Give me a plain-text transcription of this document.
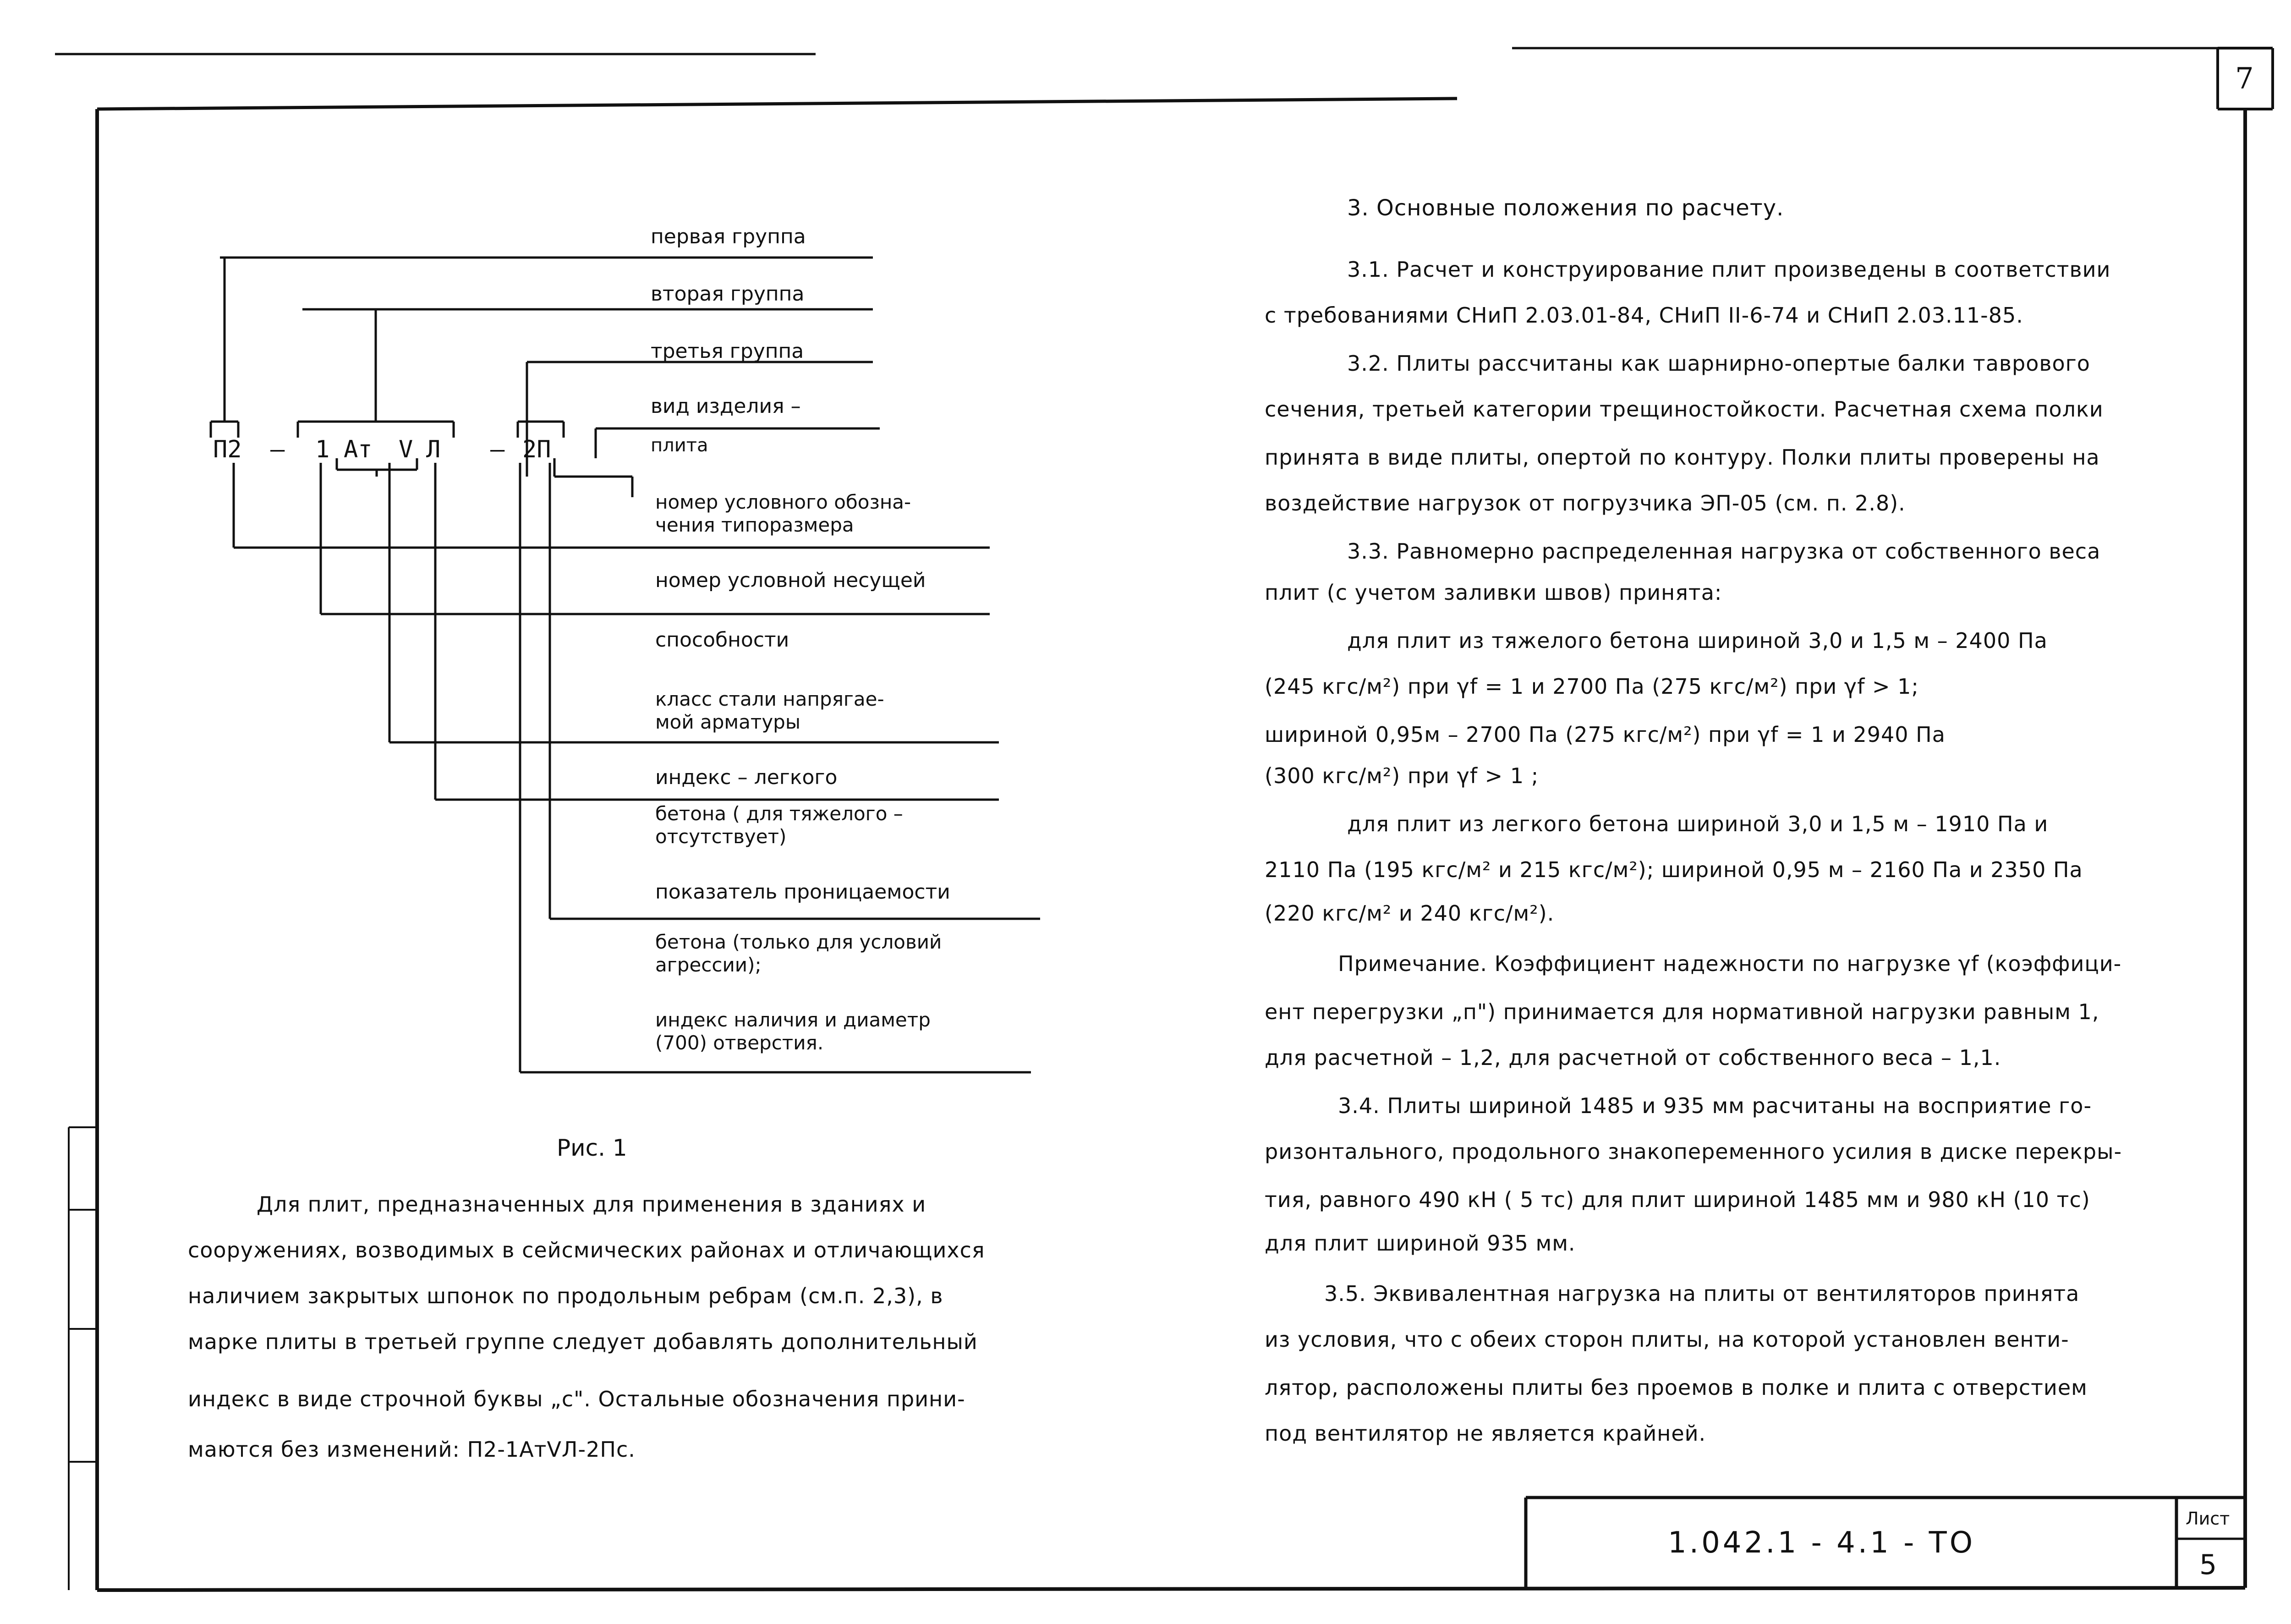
7
П2 – 1 Ат V Л – 2П
первая группа
вторая группа
третья группа
вид изделия –
плита
номер условного обозна-
чения типоразмера
номер условной несущей
способности
класс стали напрягае-
мой арматуры
индекс – легкого
бетона ( для тяжелого –
отсутствует)
показатель проницаемости
бетона (только для условий
агрессии);
индекс наличия и диаметр
(700) отверстия.
Рис. 1
Для плит, предназначенных для применения в зданиях и
сооружениях, возводимых в сейсмических районах и отличающихся
наличием закрытых шпонок по продольным ребрам (см.п. 2,3), в
марке плиты в третьей группе следует добавлять дополнительный
индекс в виде строчной буквы „с". Остальные обозначения прини-
маются без изменений: П2-1АтVЛ-2Пс.
3. Основные положения по расчету.
3.1. Расчет и конструирование плит произведены в соответствии
с требованиями СНиП 2.03.01-84, СНиП II-6-74 и СНиП 2.03.11-85.
3.2. Плиты рассчитаны как шарнирно-опертые балки таврового
сечения, третьей категории трещиностойкости. Расчетная схема полки
принята в виде плиты, опертой по контуру. Полки плиты проверены на
воздействие нагрузок от погрузчика ЭП-05 (см. п. 2.8).
3.3. Равномерно распределенная нагрузка от собственного веса
плит (с учетом заливки швов) принята:
для плит из тяжелого бетона шириной 3,0 и 1,5 м – 2400 Па
(245 кгс/м²) при γf = 1 и 2700 Па (275 кгс/м²) при γf > 1;
шириной 0,95м – 2700 Па (275 кгс/м²) при γf = 1 и 2940 Па
(300 кгс/м²) при γf > 1 ;
для плит из легкого бетона шириной 3,0 и 1,5 м – 1910 Па и
2110 Па (195 кгс/м² и 215 кгс/м²); шириной 0,95 м – 2160 Па и 2350 Па
(220 кгс/м² и 240 кгс/м²).
Примечание. Коэффициент надежности по нагрузке γf (коэффици-
ент перегрузки „п") принимается для нормативной нагрузки равным 1,
для расчетной – 1,2, для расчетной от собственного веса – 1,1.
3.4. Плиты шириной 1485 и 935 мм расчитаны на восприятие го-
ризонтального, продольного знакопеременного усилия в диске перекры-
тия, равного 490 кН ( 5 тс) для плит шириной 1485 мм и 980 кН (10 тс)
для плит шириной 935 мм.
3.5. Эквивалентная нагрузка на плиты от вентиляторов принята
из условия, что с обеих сторон плиты, на которой установлен венти-
лятор, расположены плиты без проемов в полке и плита с отверстием
под вентилятор не является крайней.
1.042.1 - 4.1 - ТО
Лист
5
